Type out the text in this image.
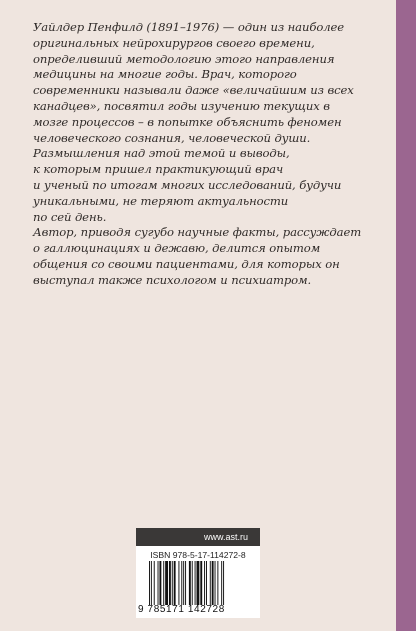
Уайлдер Пенфилд (1891–1976) — один из наиболее
оригинальных нейрохирургов своего времени,
определивший методологию этого направления
медицины на многие годы. Врач, которого
современники называли даже «величайшим из всех
канадцев», посвятил годы изучению текущих в
мозге процессов – в попытке объяснить феномен
человеческого сознания, человеческой души.
Размышления над этой темой и выводы,
к которым пришел практикующий врач
и ученый по итогам многих исследований, будучи
уникальными, не теряют актуальности
по сей день.
Автор, приводя сугубо научные факты, рассуждает
о галлюцинациях и дежавю, делится опытом
общения со своими пациентами, для которых он
выступал также психологом и психиатром.
www.ast.ru
ISBN 978-5-17-114272-8
9 785171 142728
